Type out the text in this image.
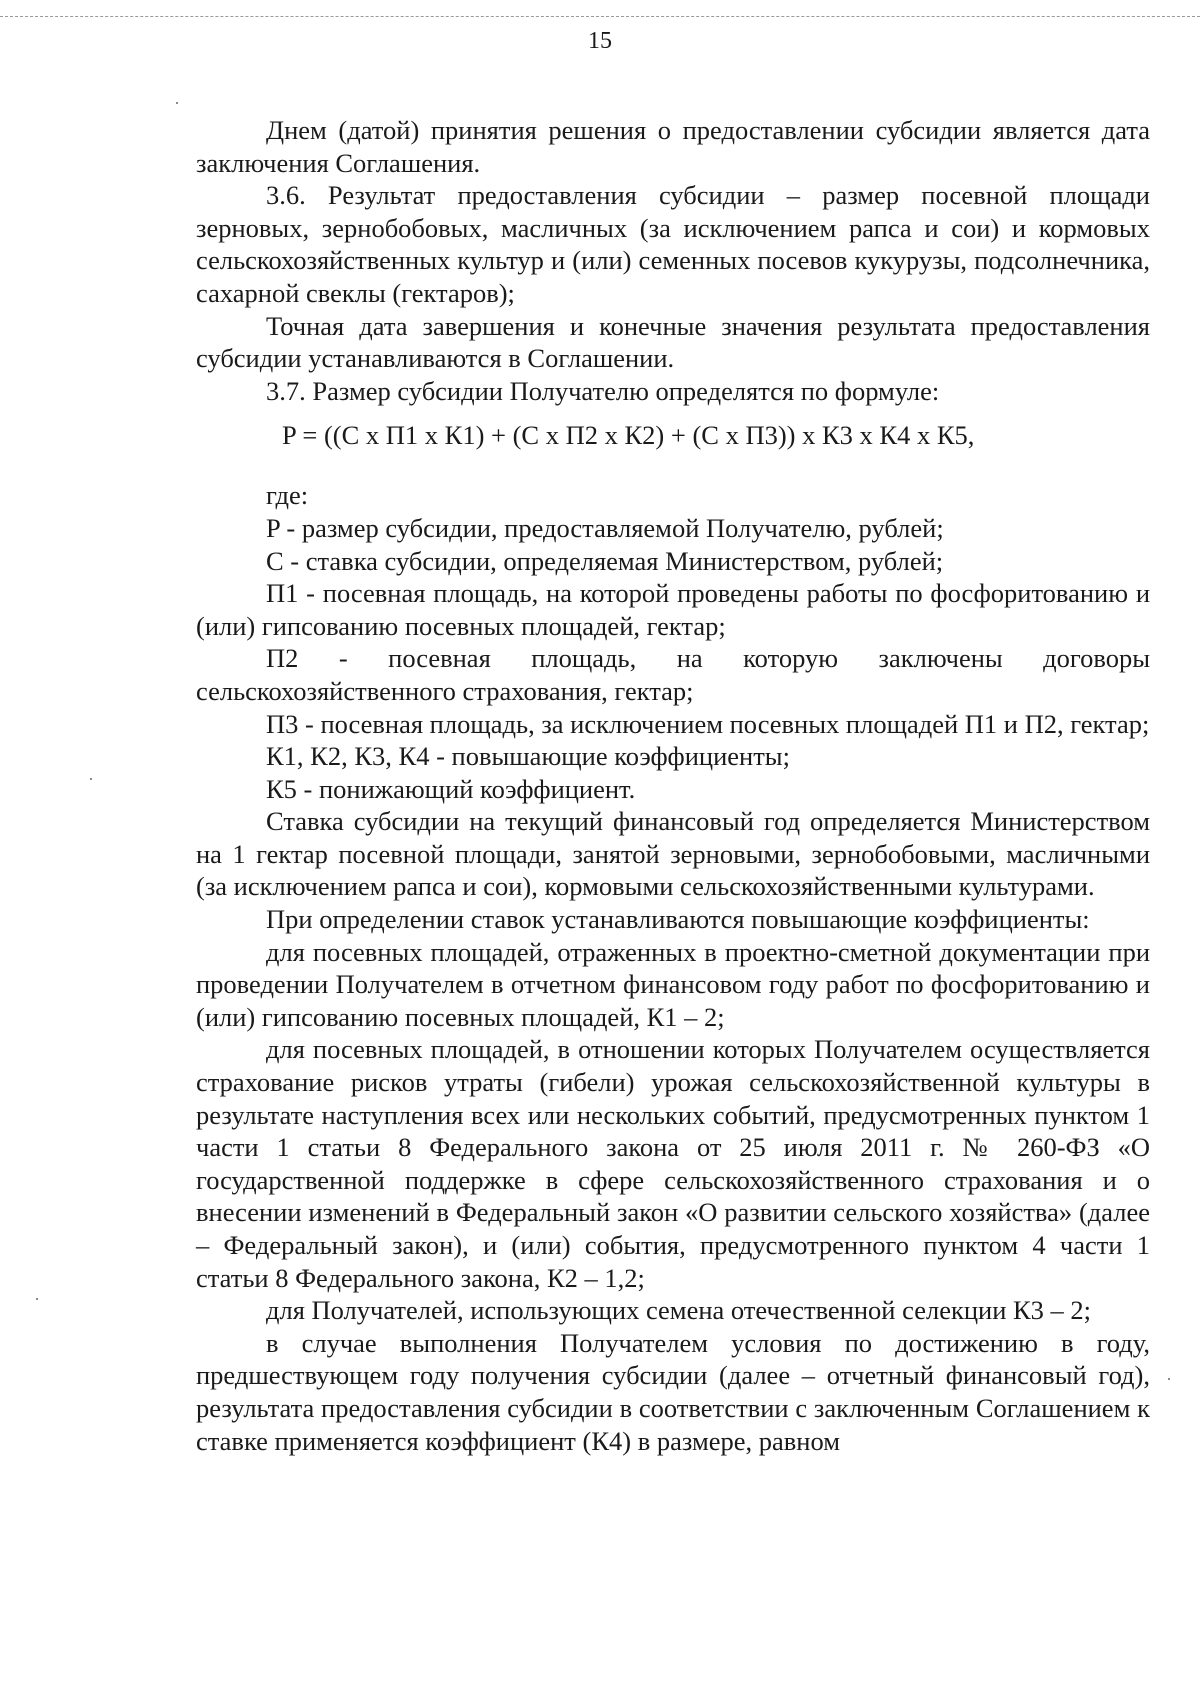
15

Днем (датой) принятия решения о предоставлении субсидии является дата заключения Соглашения.

3.6. Результат предоставления субсидии – размер посевной площади зерновых, зернобобовых, масличных (за исключением рапса и сои) и кормовых сельскохозяйственных культур и (или) семенных посевов кукурузы, подсолнечника, сахарной свеклы (гектаров);

Точная дата завершения и конечные значения результата предоставления субсидии устанавливаются в Соглашении.

3.7. Размер субсидии Получателю определятся по формуле:

P = ((С х П1 х К1) + (С х П2 х К2) + (С х П3)) х К3 х К4 х К5,

где:

P - размер субсидии, предоставляемой Получателю, рублей;

С - ставка субсидии, определяемая Министерством, рублей;

П1 - посевная площадь, на которой проведены работы по фосфоритованию и (или) гипсованию посевных площадей, гектар;

П2 - посевная площадь, на которую заключены договоры сельскохозяйственного страхования, гектар;

П3 - посевная площадь, за исключением посевных площадей П1 и П2, гектар;

К1, К2, К3, К4 - повышающие коэффициенты;

К5 - понижающий коэффициент.

Ставка субсидии на текущий финансовый год определяется Министерством на 1 гектар посевной площади, занятой зерновыми, зернобобовыми, масличными (за исключением рапса и сои), кормовыми сельскохозяйственными культурами.

При определении ставок устанавливаются повышающие коэффициенты:

для посевных площадей, отраженных в проектно-сметной документации при проведении Получателем в отчетном финансовом году работ по фосфоритованию и (или) гипсованию посевных площадей, К1 – 2;

для посевных площадей, в отношении которых Получателем осуществляется страхование рисков утраты (гибели) урожая сельскохозяйственной культуры в результате наступления всех или нескольких событий, предусмотренных пунктом 1 части 1 статьи 8 Федерального закона от 25 июля 2011 г. № 260-ФЗ «О государственной поддержке в сфере сельскохозяйственного страхования и о внесении изменений в Федеральный закон «О развитии сельского хозяйства» (далее – Федеральный закон), и (или) события, предусмотренного пунктом 4 части 1 статьи 8 Федерального закона, К2 – 1,2;

для Получателей, использующих семена отечественной селекции К3 – 2;

в случае выполнения Получателем условия по достижению в году, предшествующем году получения субсидии (далее – отчетный финансовый год), результата предоставления субсидии в соответствии с заключенным Соглашением к ставке применяется коэффициент (К4) в размере, равном
